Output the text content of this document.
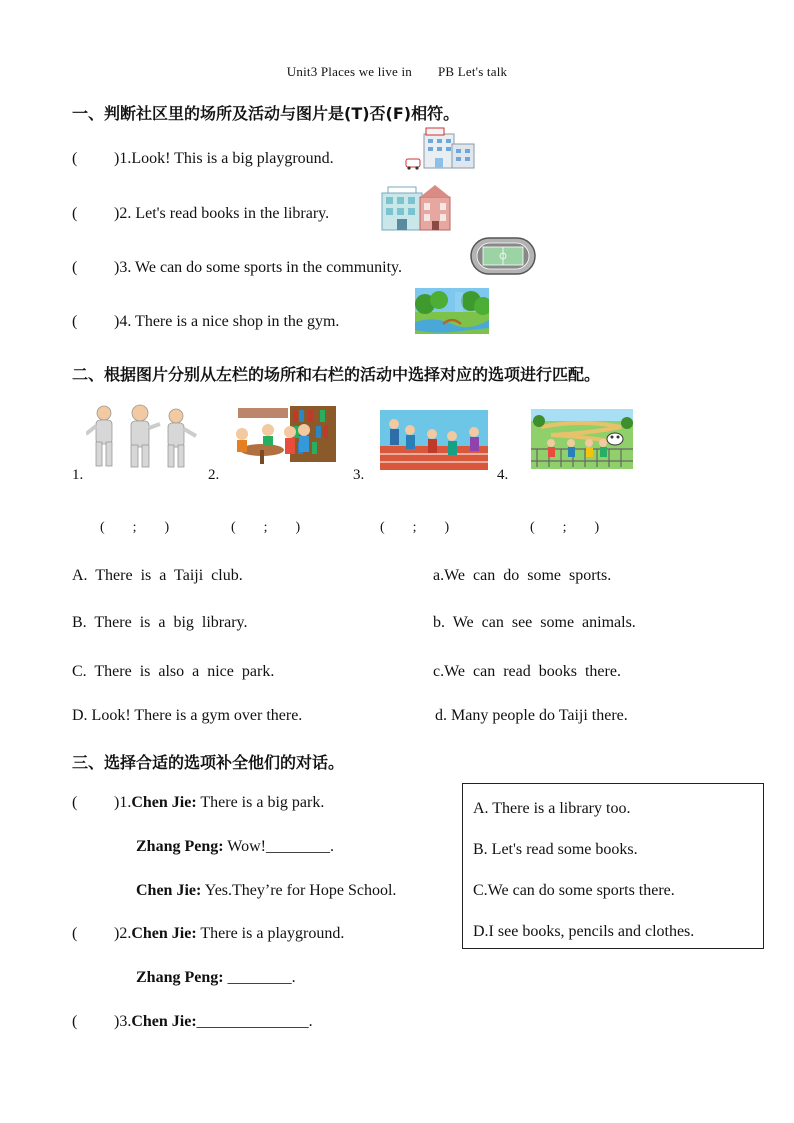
Unit3 Places we live in PB Let's talk
一、判断社区里的场所及活动与图片是(T)否(F)相符。
( )1.Look! This is a big playground.
( )2. Let's read books in the library.
( )3. We can do some sports in the community.
( )4. There is a nice shop in the gym.
二、根据图片分别从左栏的场所和右栏的活动中选择对应的选项进行匹配。
1.	2.	3.	4.
(　　;　　)	(　　;　　)	(　　;　　)	(　　;　　)
A. There is a Taiji club.
B. There is a big library.
C. There is also a nice park.
D. Look! There is a gym over there.
a.We can do some sports.
b. We can see some animals.
c.We can read books there.
d. Many people do Taiji there.
三、选择合适的选项补全他们的对话。
( )1.Chen Jie: There is a big park.
Zhang Peng: Wow!________.
Chen Jie: Yes.They’re for Hope School.
( )2.Chen Jie: There is a playground.
Zhang Peng: ________.
( )3.Chen Jie:______________.
A. There is a library too.
B. Let's read some books.
C.We can do some sports there.
D.I see books, pencils and clothes.
